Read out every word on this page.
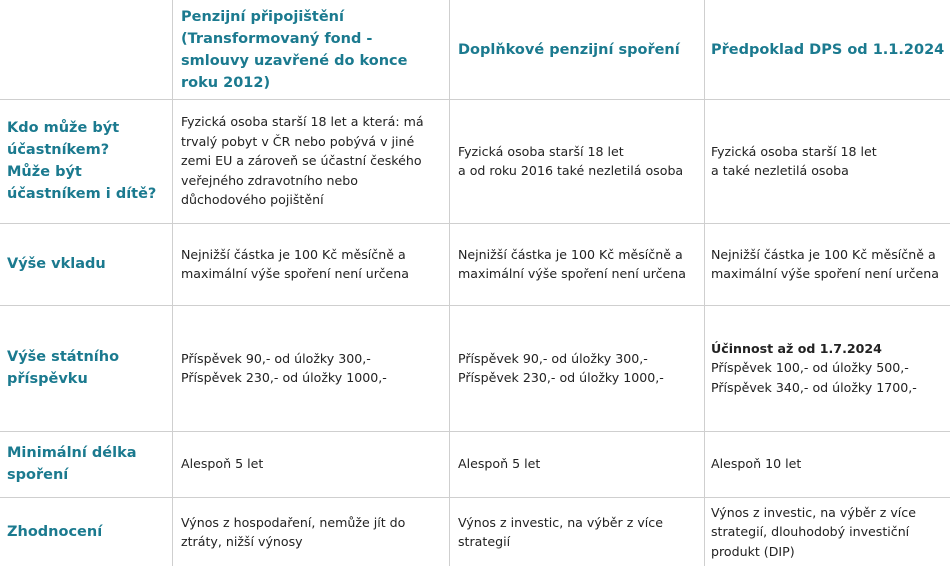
Penzijní připojištění
(Transformovaný fond - smlouvy uzavřené do konce roku 2012)
Doplňkové penzijní spoření Předpoklad DPS od 1.1.2024
Kdo může být účastníkem?
Může být účastníkem i dítě?
Fyzická osoba starší 18 let a která: má trvalý pobyt v ČR nebo pobývá v jiné zemi EU a zároveň se účastní českého veřejného zdravotního nebo důchodového pojištění
Fyzická osoba starší 18 let
a od roku 2016 také nezletilá osoba
Fyzická osoba starší 18 let
a také nezletilá osoba
Výše vkladu
Nejnižší částka je 100 Kč měsíčně a maximální výše spoření není určena
Nejnižší částka je 100 Kč měsíčně a maximální výše spoření není určena
Nejnižší částka je 100 Kč měsíčně a maximální výše spoření není určena
Výše státního příspěvku
Příspěvek 90,- od úložky 300,-
Příspěvek 230,- od úložky 1000,-
Příspěvek 90,- od úložky 300,-
Příspěvek 230,- od úložky 1000,-
Účinnost až od 1.7.2024
Příspěvek 100,- od úložky 500,-
Příspěvek 340,- od úložky 1700,-
Minimální délka spoření
Alespoň 5 let	Alespoň 5 let	Alespoň 10 let
Zhodnocení
Výnos z hospodaření, nemůže jít do ztráty, nižší výnosy
Výnos z investic, na výběr z více strategií
Výnos z investic, na výběr z více strategií, dlouhodobý investiční produkt (DIP)
